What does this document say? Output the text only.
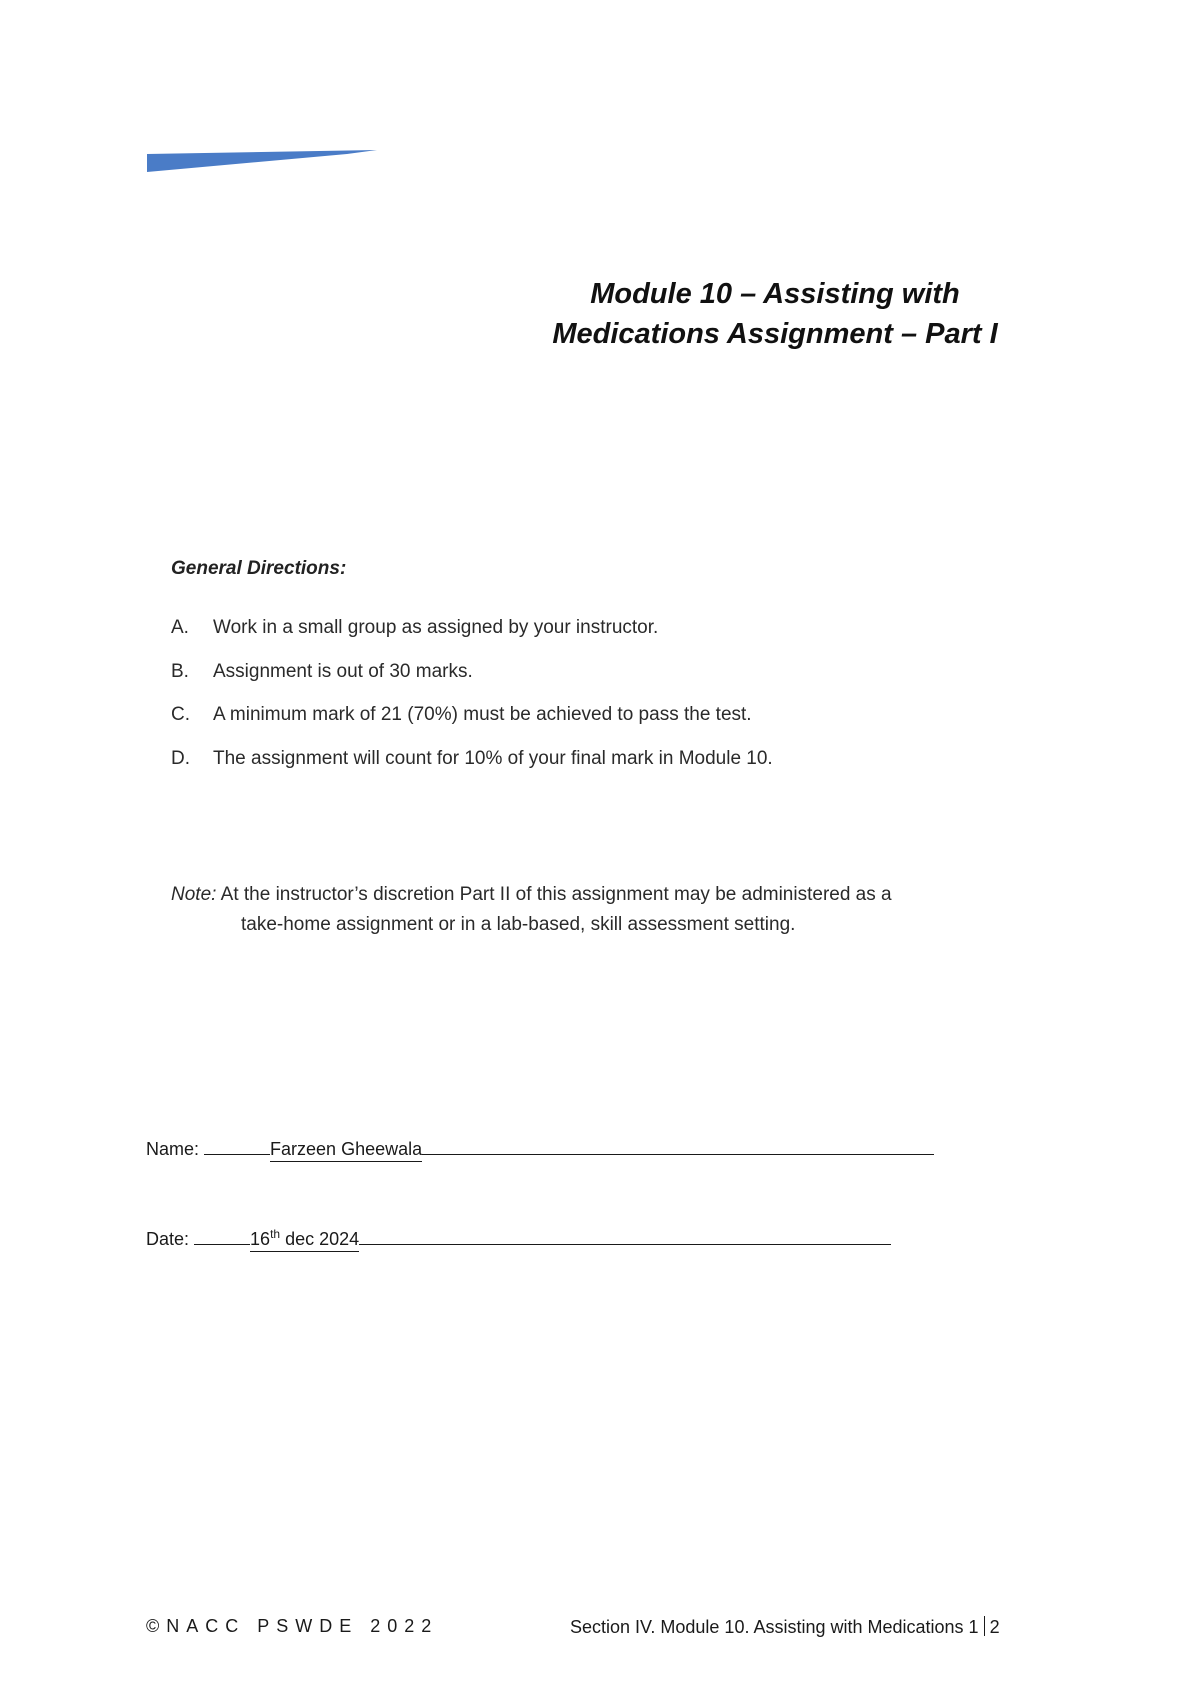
Module 10 – Assisting with
Medications Assignment – Part I
General Directions:
A. Work in a small group as assigned by your instructor.
B. Assignment is out of 30 marks.
C. A minimum mark of 21 (70%) must be achieved to pass the test.
D. The assignment will count for 10% of your final mark in Module 10.
Note: At the instructor’s discretion Part II of this assignment may be administered as a
take-home assignment or in a lab-based, skill assessment setting.
Name:	Farzeen Gheewala
Date:	16th dec 2024
©NACC PSWDE 2022	Section IV. Module 10. Assisting with Medications 1 2
